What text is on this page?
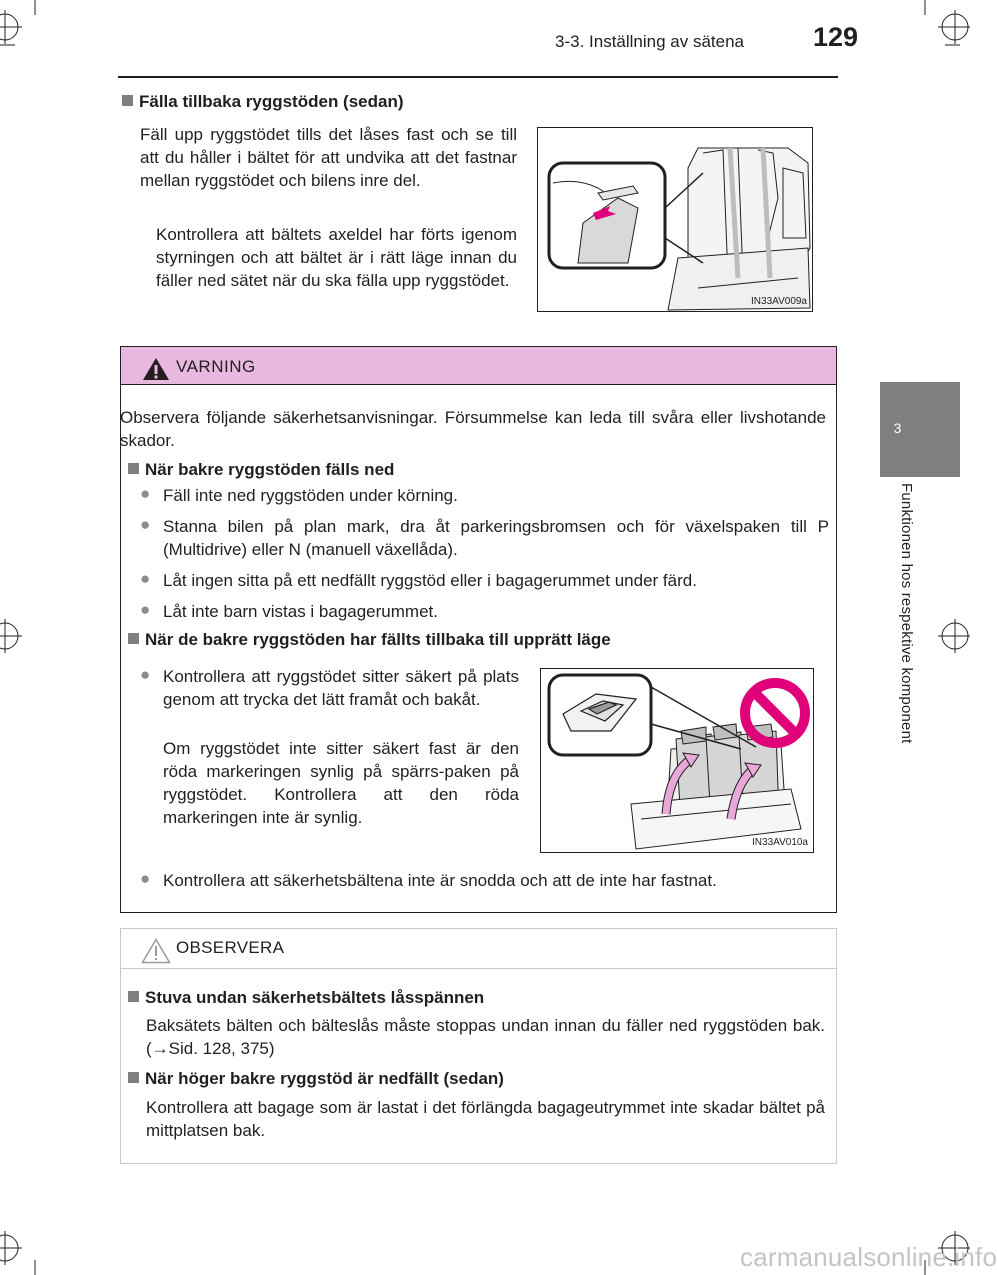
3-3. Inställning av sätena	129
3
Funktionen hos respektive komponent
Fälla tillbaka ryggstöden (sedan)
Fäll upp ryggstödet tills det låses fast och se till att du håller i bältet för att undvika att det fastnar mellan ryggstödet och bilens inre del.
Kontrollera att bältets axeldel har förts igenom styrningen och att bältet är i rätt läge innan du fäller ned sätet när du ska fälla upp ryggstödet.
IN33AV009a
VARNING
Observera följande säkerhetsanvisningar. Försummelse kan leda till svåra eller livshotande skador.
När bakre ryggstöden fälls ned
● Fäll inte ned ryggstöden under körning.
● Stanna bilen på plan mark, dra åt parkeringsbromsen och för växelspaken till P (Multidrive) eller N (manuell växellåda).
● Låt ingen sitta på ett nedfällt ryggstöd eller i bagagerummet under färd.
● Låt inte barn vistas i bagagerummet.
När de bakre ryggstöden har fällts tillbaka till upprätt läge
● Kontrollera att ryggstödet sitter säkert på plats genom att trycka det lätt framåt och bakåt.
Om ryggstödet inte sitter säkert fast är den röda markeringen synlig på spärrs-paken på ryggstödet. Kontrollera att den röda markeringen inte är synlig.
IN33AV010a
● Kontrollera att säkerhetsbältena inte är snodda och att de inte har fastnat.
OBSERVERA
Stuva undan säkerhetsbältets låsspännen
Baksätets bälten och bälteslås måste stoppas undan innan du fäller ned ryggstöden bak. (→Sid. 128, 375)
När höger bakre ryggstöd är nedfällt (sedan)
Kontrollera att bagage som är lastat i det förlängda bagageutrymmet inte skadar bältet på mittplatsen bak.
carmanualsonline.info
